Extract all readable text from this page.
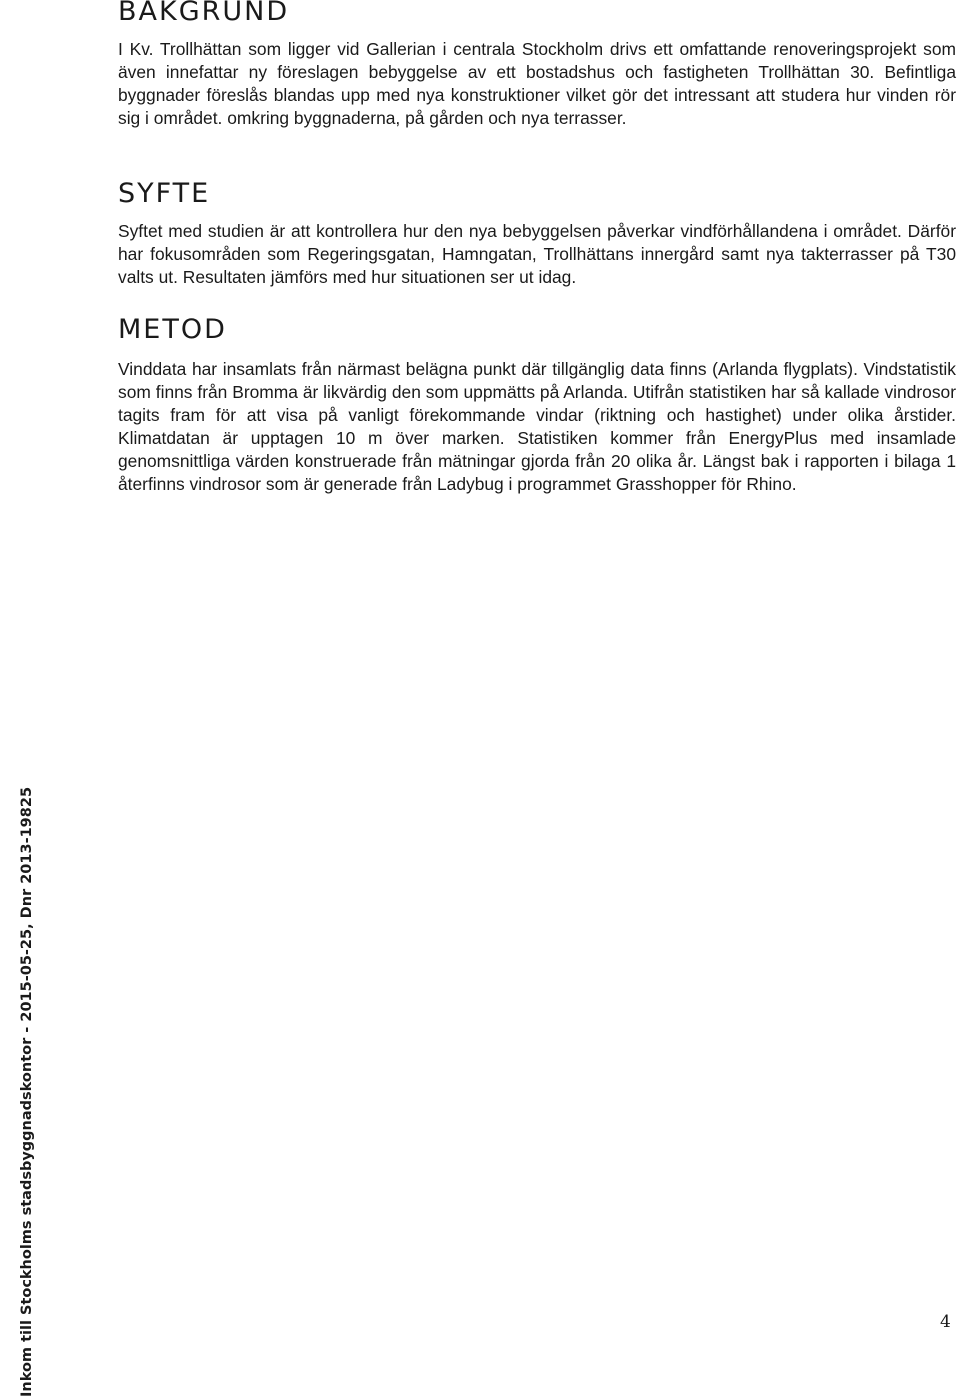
BAKGRUND

I Kv. Trollhättan som ligger vid Gallerian i centrala Stockholm drivs ett omfattande renoveringsprojekt som även innefattar ny föreslagen bebyggelse av ett bostadshus och fastigheten Trollhättan 30. Befintliga byggnader föreslås blandas upp med nya konstruktioner vilket gör det intressant att studera hur vinden rör sig i området. omkring byggnaderna, på gården och nya terrasser.

SYFTE

Syftet med studien är att kontrollera hur den nya bebyggelsen påverkar vindförhållandena i området. Därför har fokusområden som Regeringsgatan, Hamngatan, Trollhättans innergård samt nya takterrasser på T30 valts ut. Resultaten jämförs med hur situationen ser ut idag.

METOD

Vinddata har insamlats från närmast belägna punkt där tillgänglig data finns (Arlanda flygplats). Vindstatistik som finns från Bromma är likvärdig den som uppmätts på Arlanda. Utifrån statistiken har så kallade vindrosor tagits fram för att visa på vanligt förekommande vindar (riktning och hastighet) under olika årstider. Klimatdatan är upptagen 10 m över marken. Statistiken kommer från EnergyPlus med insamlade genomsnittliga värden konstruerade från mätningar gjorda från 20 olika år. Längst bak i rapporten i bilaga 1 återfinns vindrosor som är generade från Ladybug i programmet Grasshopper för Rhino.

Inkom till Stockholms stadsbyggnadskontor - 2015-05-25, Dnr 2013-19825	4
